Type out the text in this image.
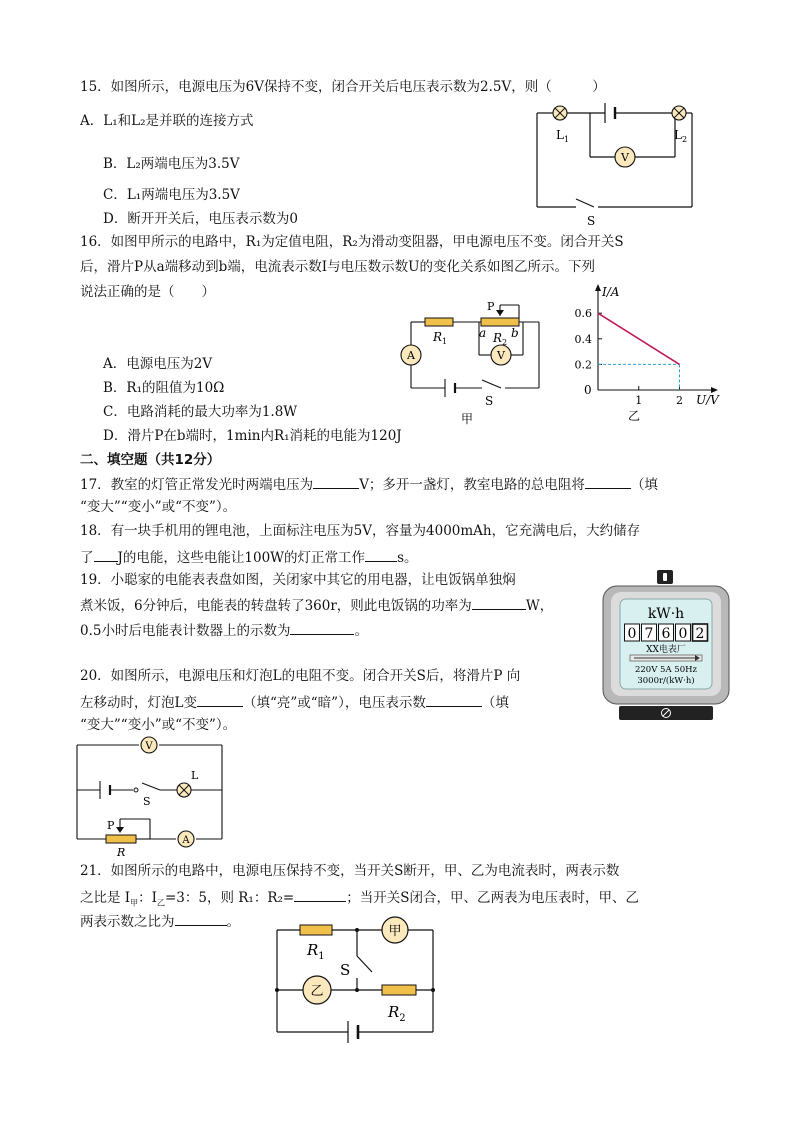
15．如图所示，电源电压为6V保持不变，闭合开关后电压表示数为2.5V，则（　　　）
A．L₁和L₂是并联的连接方式
B．L₂两端电压为3.5V
C．L₁两端电压为3.5V
D．断开开关后，电压表示数为0
V
$L_1$	$L_2$
S
16．如图甲所示的电路中，R₁为定值电阻，R₂为滑动变阻器，甲电源电压不变。闭合开关S
后，滑片P从a端移动到b端，电流表示数I与电压数示数U的变化关系如图乙所示。下列
说法正确的是（　　）
A．电源电压为2V
B．R₁的阻值为10Ω
C．电路消耗的最大功率为1.8W
D．滑片P在b端时，1min内R₁消耗的电能为120J
A	V
P
$R_1$
a $R_2$
b
S
甲
0.2
0.4
0.6
1	2
I/A
U/V
0
乙
二、填空题（共12分）
17．教室的灯管正常发光时两端电压为	V；多开一盏灯，教室电路的总电阻将	（填
“变大”“变小”或“不变”）。
18．有一块手机用的锂电池，上面标注电压为5V，容量为4000mAh，它充满电后，大约储存
了 J的电能，这些电能让100W的灯正常工作 s。
19．小聪家的电能表表盘如图，关闭家中其它的用电器，让电饭锅单独焖
煮米饭，6分钟后，电能表的转盘转了360r，则此电饭锅的功率为	W，
0.5小时后电能表计数器上的示数为	。
kW·h
0 7 6 0 2
XX电表厂
220V 5A 50Hz
3000r/(kW·h)
20．如图所示，电源电压和灯泡L的电阻不变。闭合开关S后，将滑片P 向
左移动时，灯泡L变	（填“亮”或“暗”），电压表示数	（填
“变大”“变小”或“不变”）。
V
A
S
L
P
R
21．如图所示的电路中，电源电压保持不变，当开关S断开，甲、乙为电流表时，两表示数
之比是 $I_甲$：$I_乙=3$：5，则 R₁：R₂=	；当开关S闭合，甲、乙两表为电压表时，甲、乙
两表示数之比为	。
甲
乙
$R_1$
S
$R_2$
